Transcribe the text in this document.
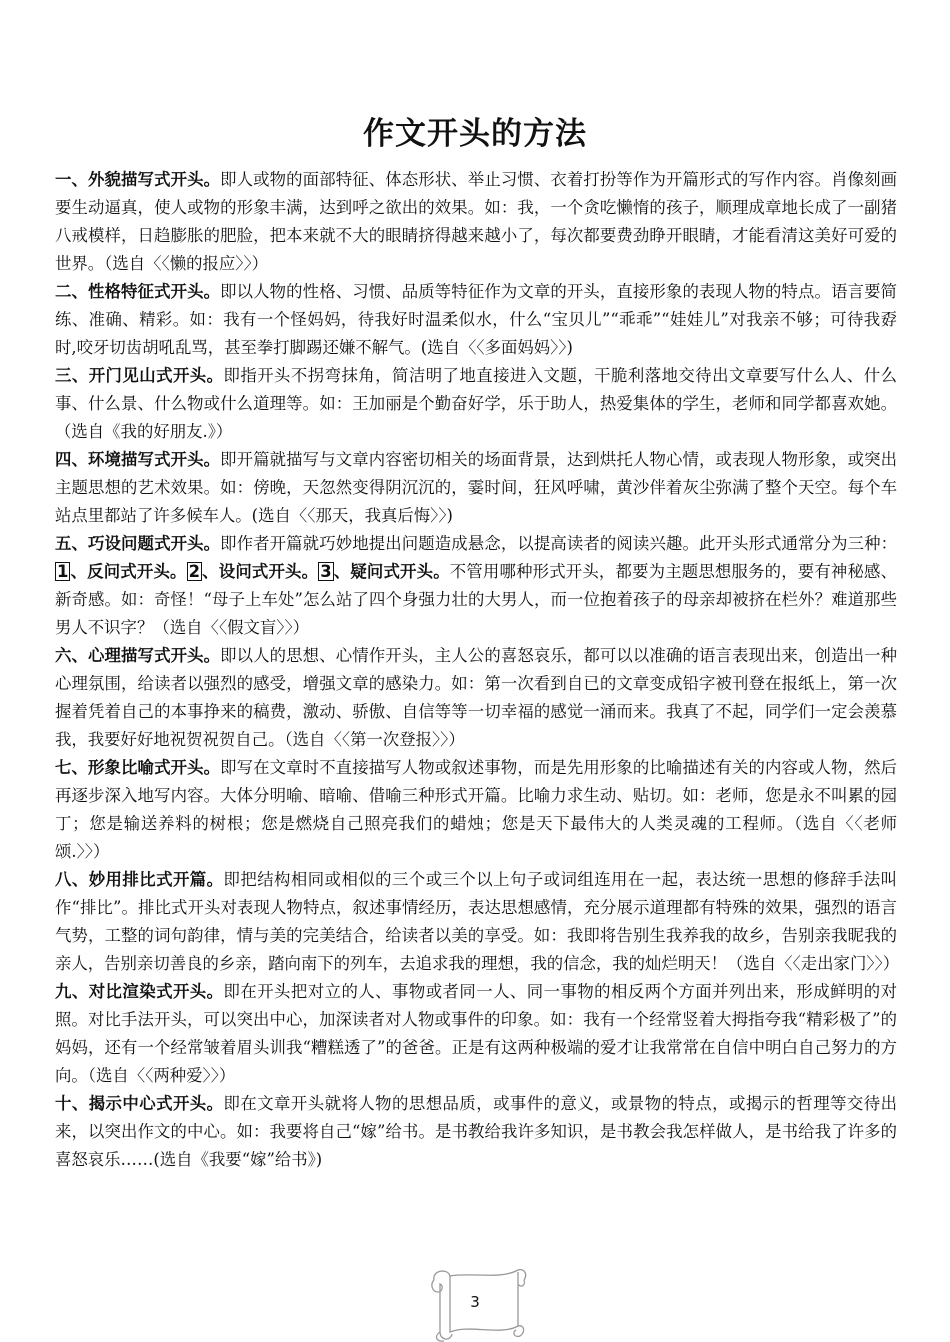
作文开头的方法

一、外貌描写式开头。即人或物的面部特征、体态形状、举止习惯、衣着打扮等作为开篇形式的写作内容。肖像刻画要生动逼真，使人或物的形象丰满，达到呼之欲出的效果。如：我，一个贪吃懒惰的孩子，顺理成章地长成了一副猪八戒模样，日趋膨胀的肥脸，把本来就不大的眼睛挤得越来越小了，每次都要费劲睁开眼睛，才能看清这美好可爱的世界。（选自〈〈懒的报应〉〉）

二、性格特征式开头。即以人物的性格、习惯、品质等特征作为文章的开头，直接形象的表现人物的特点。语言要简练、准确、精彩。如：我有一个怪妈妈，待我好时温柔似水，什么“宝贝儿”“乖乖”“娃娃儿”对我亲不够；可待我孬时,咬牙切齿胡吼乱骂，甚至拳打脚踢还嫌不解气。(选自〈〈多面妈妈〉〉)

三、开门见山式开头。即指开头不拐弯抹角，简洁明了地直接进入文题，干脆利落地交待出文章要写什么人、什么事、什么景、什么物或什么道理等。如：王加丽是个勤奋好学，乐于助人，热爱集体的学生，老师和同学都喜欢她。（选自《我的好朋友.》）

四、环境描写式开头。即开篇就描写与文章内容密切相关的场面背景，达到烘托人物心情，或表现人物形象，或突出主题思想的艺术效果。如：傍晚，天忽然变得阴沉沉的，霎时间，狂风呼啸，黄沙伴着灰尘弥满了整个天空。每个车站点里都站了许多候车人。(选自〈〈那天，我真后悔〉〉)

五、巧设问题式开头。即作者开篇就巧妙地提出问题造成悬念，以提高读者的阅读兴趣。此开头形式通常分为三种：1 、反问式开头。 2 、设问式开头。 3 、疑问式开头。不管用哪种形式开头，都要为主题思想服务的，要有神秘感、新奇感。如：奇怪！“母子上车处”怎么站了四个身强力壮的大男人，而一位抱着孩子的母亲却被挤在栏外？难道那些男人不识字？（选自〈〈假文盲〉〉）

六、心理描写式开头。即以人的思想、心情作开头，主人公的喜怒哀乐，都可以以准确的语言表现出来，创造出一种心理氛围，给读者以强烈的感受，增强文章的感染力。如：第一次看到自已的文章变成铅字被刊登在报纸上，第一次握着凭着自己的本事挣来的稿费，激动、骄傲、自信等等一切幸福的感觉一涌而来。我真了不起，同学们一定会羡慕我，我要好好地祝贺祝贺自己。（选自〈〈第一次登报〉〉）

七、形象比喻式开头。即写在文章时不直接描写人物或叙述事物，而是先用形象的比喻描述有关的内容或人物，然后再逐步深入地写内容。大体分明喻、暗喻、借喻三种形式开篇。比喻力求生动、贴切。如：老师，您是永不叫累的园丁；您是输送养料的树根；您是燃烧自己照亮我们的蜡烛；您是天下最伟大的人类灵魂的工程师。（选自〈〈老师颂.〉〉）

八、妙用排比式开篇。即把结构相同或相似的三个或三个以上句子或词组连用在一起，表达统一思想的修辞手法叫作“排比”。排比式开头对表现人物特点，叙述事情经历，表达思想感情，充分展示道理都有特殊的效果，强烈的语言气势，工整的词句韵律，情与美的完美结合，给读者以美的享受。如：我即将告别生我养我的故乡，告别亲我昵我的亲人，告别亲切善良的乡亲，踏向南下的列车，去追求我的理想，我的信念，我的灿烂明天！（选自〈〈走出家门〉〉）

九、对比渲染式开头。即在开头把对立的人、事物或者同一人、同一事物的相反两个方面并列出来，形成鲜明的对照。对比手法开头，可以突出中心，加深读者对人物或事件的印象。如：我有一个经常竖着大拇指夸我“精彩极了”的妈妈，还有一个经常皱着眉头训我“糟糕透了”的爸爸。正是有这两种极端的爱才让我常常在自信中明白自己努力的方向。（选自〈〈两种爱〉〉）

十、揭示中心式开头。即在文章开头就将人物的思想品质，或事件的意义，或景物的特点，或揭示的哲理等交待出来，以突出作文的中心。如：我要将自己“嫁”给书。是书教给我许多知识，是书教会我怎样做人，是书给我了许多的喜怒哀乐……(选自《我要“嫁”给书》)

3
